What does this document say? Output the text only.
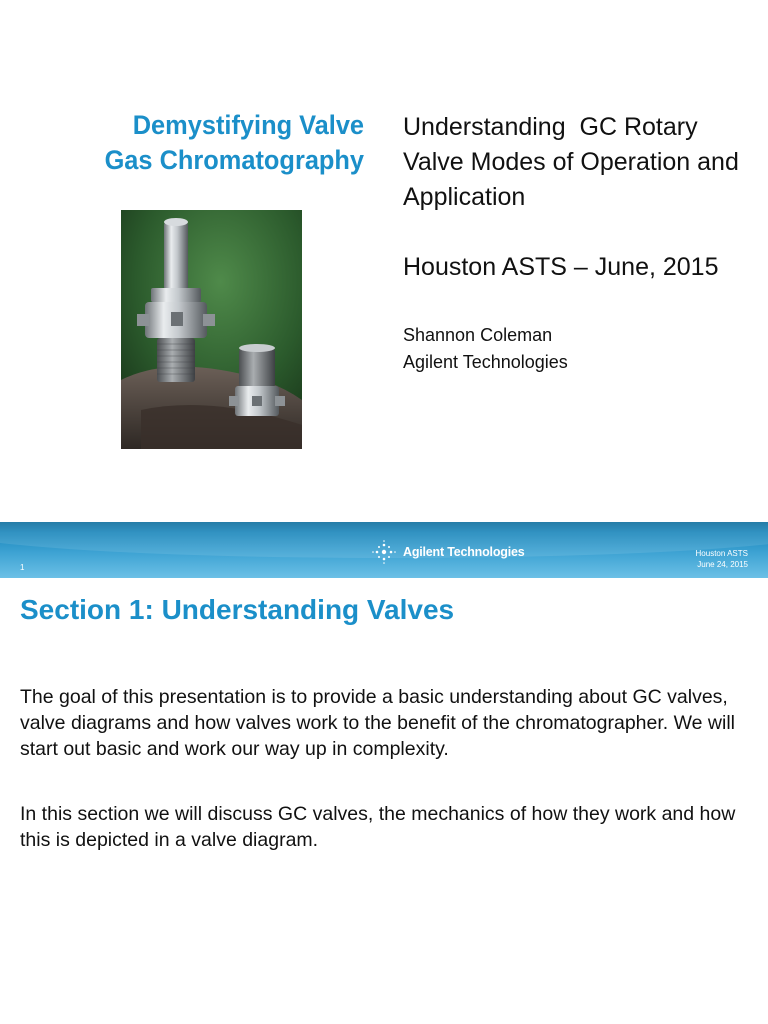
Demystifying Valve
Gas Chromatography
Understanding  GC Rotary
Valve Modes of Operation and
Application
Houston ASTS – June, 2015
Shannon Coleman
Agilent Technologies
1
Agilent Technologies	Houston ASTS
June 24, 2015
Section 1: Understanding Valves
The goal of this presentation is to provide a basic understanding about GC valves, valve diagrams and how valves work to the benefit of the chromatographer. We will start out basic and work our way up in complexity.
In this section we will discuss GC valves, the mechanics of how they work and how this is depicted in a valve diagram.
